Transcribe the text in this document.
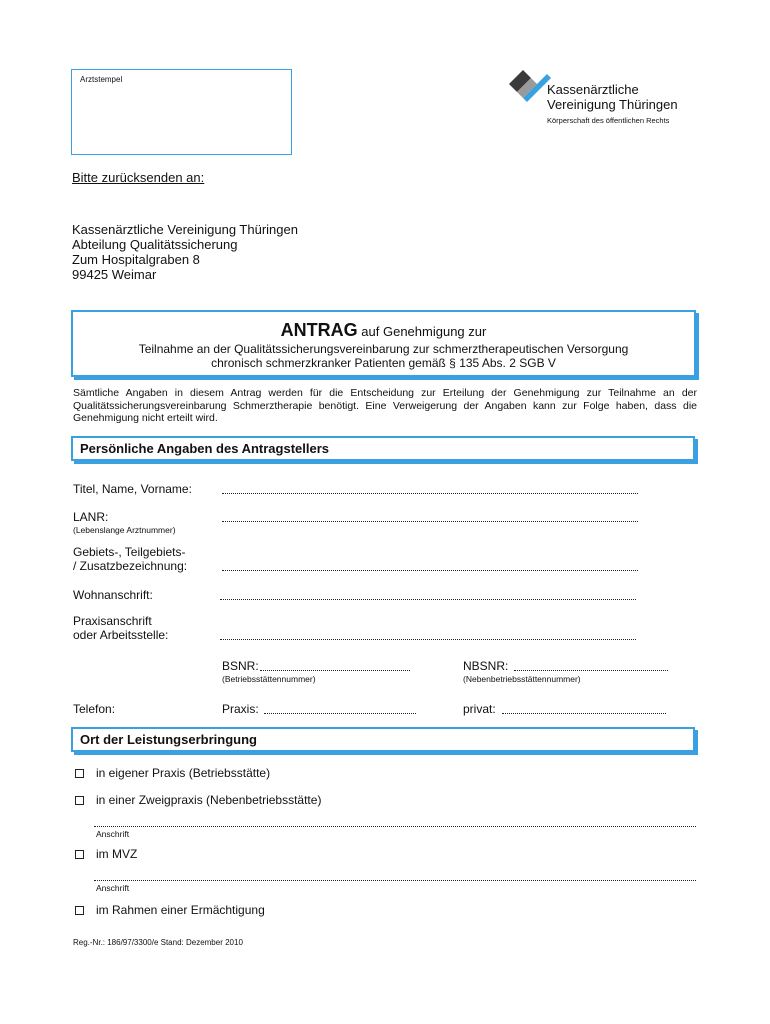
Arztstempel
Kassenärztliche
Vereinigung Thüringen
Körperschaft des öffentlichen Rechts
Bitte zurücksenden an:
Kassenärztliche Vereinigung Thüringen
Abteilung Qualitätssicherung
Zum Hospitalgraben 8
99425 Weimar
ANTRAG auf Genehmigung zur
Teilnahme an der Qualitätssicherungsvereinbarung zur schmerztherapeutischen Versorgung
chronisch schmerzkranker Patienten gemäß § 135 Abs. 2 SGB V
Sämtliche Angaben in diesem Antrag werden für die Entscheidung zur Erteilung der Genehmigung zur Teilnahme an der Qualitätssicherungsvereinbarung Schmerztherapie benötigt. Eine Verweigerung der Angaben kann zur Folge haben, dass die Genehmigung nicht erteilt wird.
Persönliche Angaben des Antragstellers
Titel, Name, Vorname:
LANR:
(Lebenslange Arztnummer)
Gebiets-, Teilgebiets-
/ Zusatzbezeichnung:
Wohnanschrift:
Praxisanschrift
oder Arbeitsstelle:
BSNR:
(Betriebsstättennummer)
NBSNR:
(Nebenbetriebsstättennummer)
Telefon:	Praxis:	privat:
Ort der Leistungserbringung
in eigener Praxis (Betriebsstätte)
in einer Zweigpraxis (Nebenbetriebsstätte)
Anschrift
im MVZ
Anschrift
im Rahmen einer Ermächtigung
Reg.-Nr.: 186/97/3300/e Stand: Dezember 2010
